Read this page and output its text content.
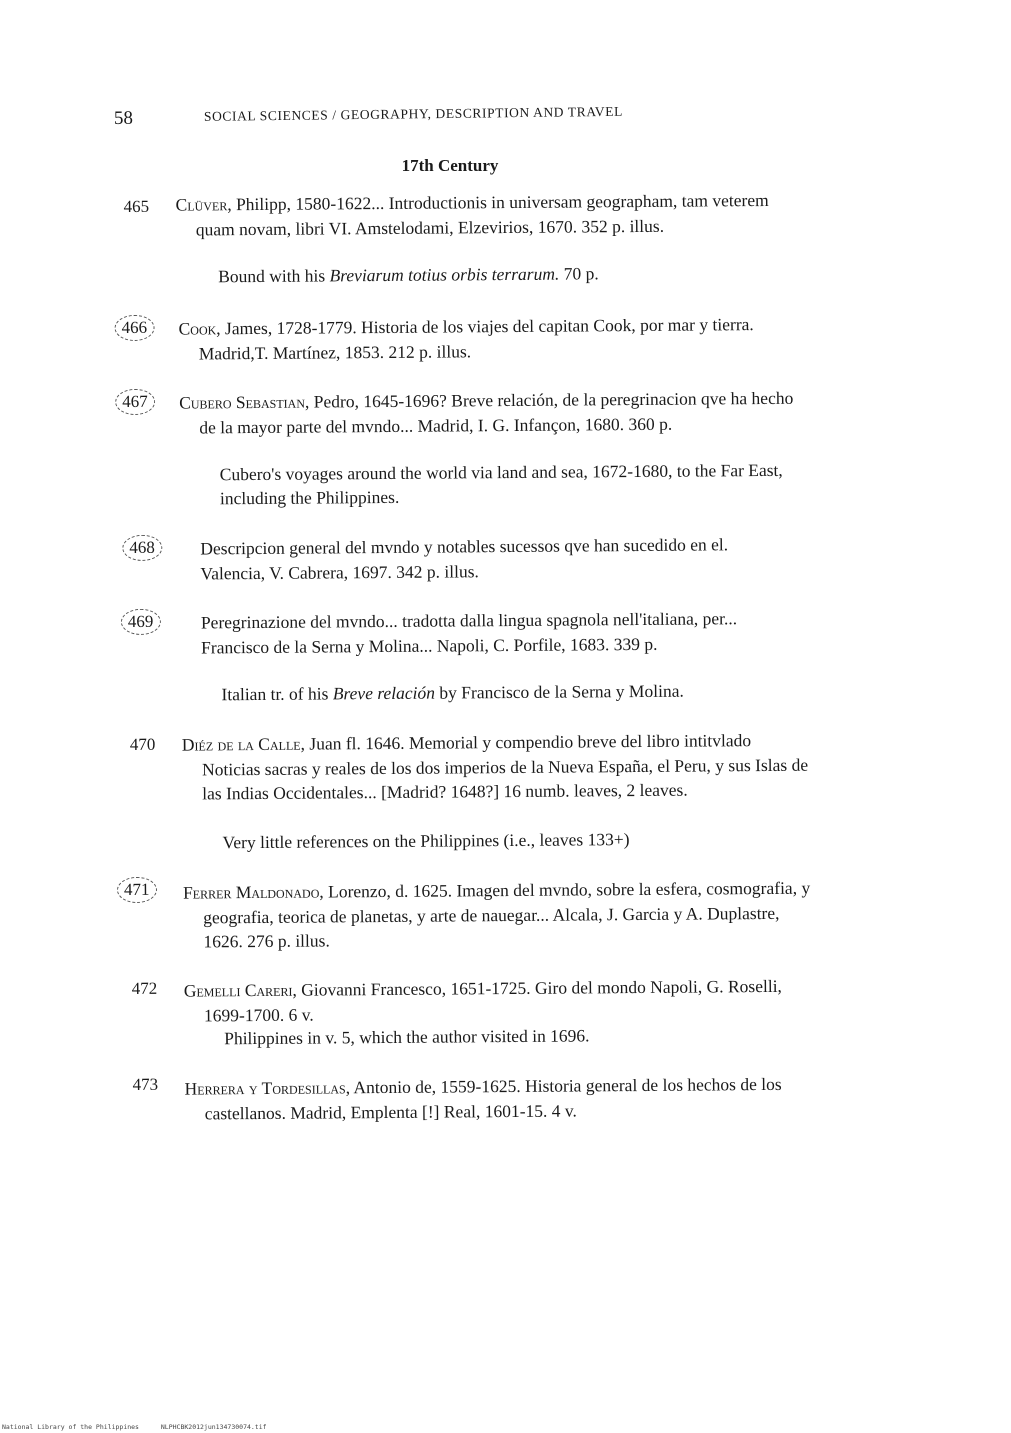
58	SOCIAL SCIENCES / GEOGRAPHY, DESCRIPTION AND TRAVEL
17th Century
465 Clüver, Philipp, 1580-1622... Introductionis in universam geographam, tam veterem quam novam, libri VI. Amstelodami, Elzevirios, 1670. 352 p. illus.
Bound with his Breviarum totius orbis terrarum. 70 p.
466	Cook, James, 1728-1779. Historia de los viajes del capitan Cook, por mar y tierra. Madrid,T. Martínez, 1853. 212 p. illus.
467	Cubero Sebastian, Pedro, 1645-1696? Breve relación, de la peregrinacion qve ha hecho de la mayor parte del mvndo... Madrid, I. G. Infançon, 1680. 360 p.
Cubero's voyages around the world via land and sea, 1672-1680, to the Far East, including the Philippines.
468	Descripcion general del mvndo y notables sucessos qve han sucedido en el. Valencia, V. Cabrera, 1697. 342 p. illus.
469	Peregrinazione del mvndo... tradotta dalla lingua spagnola nell'italiana, per... Francisco de la Serna y Molina... Napoli, C. Porfile, 1683. 339 p.
Italian tr. of his Breve relación by Francisco de la Serna y Molina.
470 Diéz de la Calle, Juan fl. 1646. Memorial y compendio breve del libro intitvlado Noticias sacras y reales de los dos imperios de la Nueva España, el Peru, y sus Islas de las Indias Occidentales... [Madrid? 1648?] 16 numb. leaves, 2 leaves.
Very little references on the Philippines (i.e., leaves 133+)
471	Ferrer Maldonado, Lorenzo, d. 1625. Imagen del mvndo, sobre la esfera, cosmografia, y geografia, teorica de planetas, y arte de nauegar... Alcala, J. Garcia y A. Duplastre, 1626. 276 p. illus.
472 Gemelli Careri, Giovanni Francesco, 1651-1725. Giro del mondo Napoli, G. Roselli, 1699-1700. 6 v.
Philippines in v. 5, which the author visited in 1696.
473 Herrera y Tordesillas, Antonio de, 1559-1625. Historia general de los hechos de los castellanos. Madrid, Emplenta [!] Real, 1601-15. 4 v.
National Library of the Philippines	NLPHCBK2012jun134730074.tif
